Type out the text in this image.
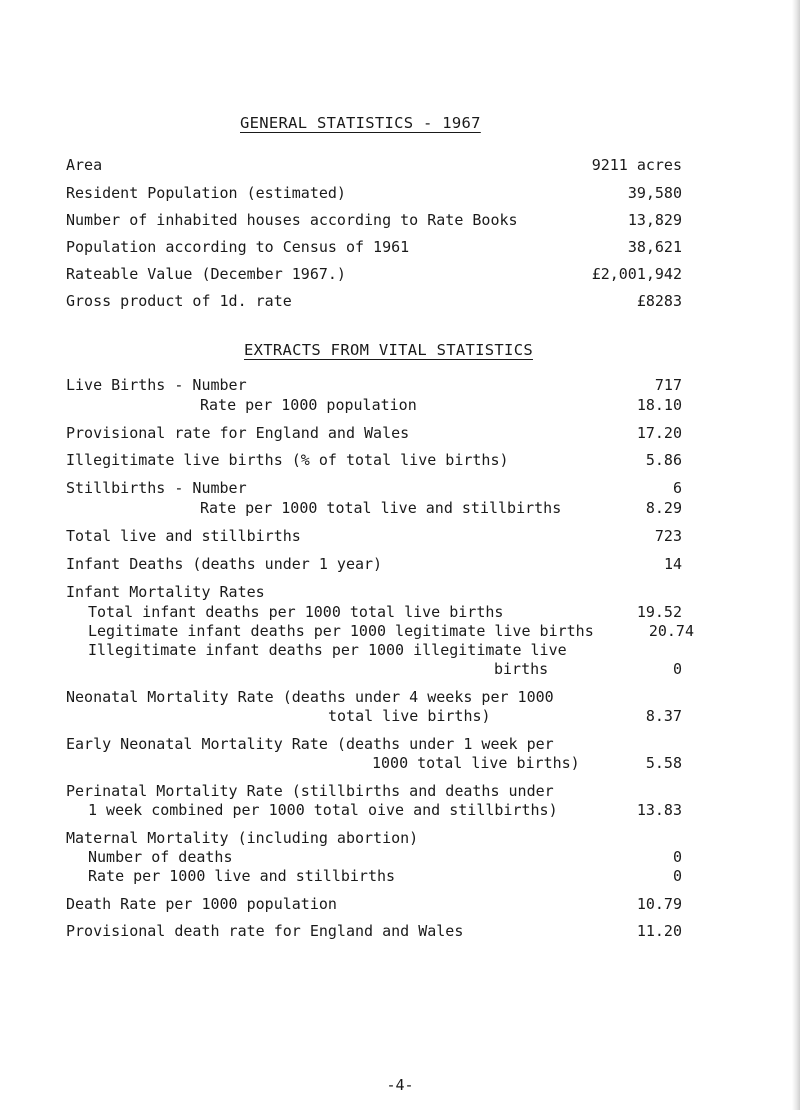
GENERAL STATISTICS - 1967
Area	9211 acres
Resident Population (estimated)	39,580
Number of inhabited houses according to Rate Books	13,829
Population according to Census of 1961	38,621
Rateable Value (December 1967.)	£2,001,942
Gross product of 1d. rate	£8283
EXTRACTS FROM VITAL STATISTICS
Live Births - Number	717
Rate per 1000 population	18.10
Provisional rate for England and Wales	17.20
Illegitimate live births (% of total live births)	5.86
Stillbirths - Number	6
Rate per 1000 total live and stillbirths	8.29
Total live and stillbirths	723
Infant Deaths (deaths under 1 year)	14
Infant Mortality Rates
Total infant deaths per 1000 total live births	19.52
Legitimate infant deaths per 1000 legitimate live births	20.74
Illegitimate infant deaths per 1000 illegitimate live
births	0
Neonatal Mortality Rate (deaths under 4 weeks per 1000
total live births)	8.37
Early Neonatal Mortality Rate (deaths under 1 week per
1000 total live births)	5.58
Perinatal Mortality Rate (stillbirths and deaths under
1 week combined per 1000 total oive and stillbirths)	13.83
Maternal Mortality (including abortion)
Number of deaths	0
Rate per 1000 live and stillbirths	0
Death Rate per 1000 population	10.79
Provisional death rate for England and Wales	11.20
-4-
